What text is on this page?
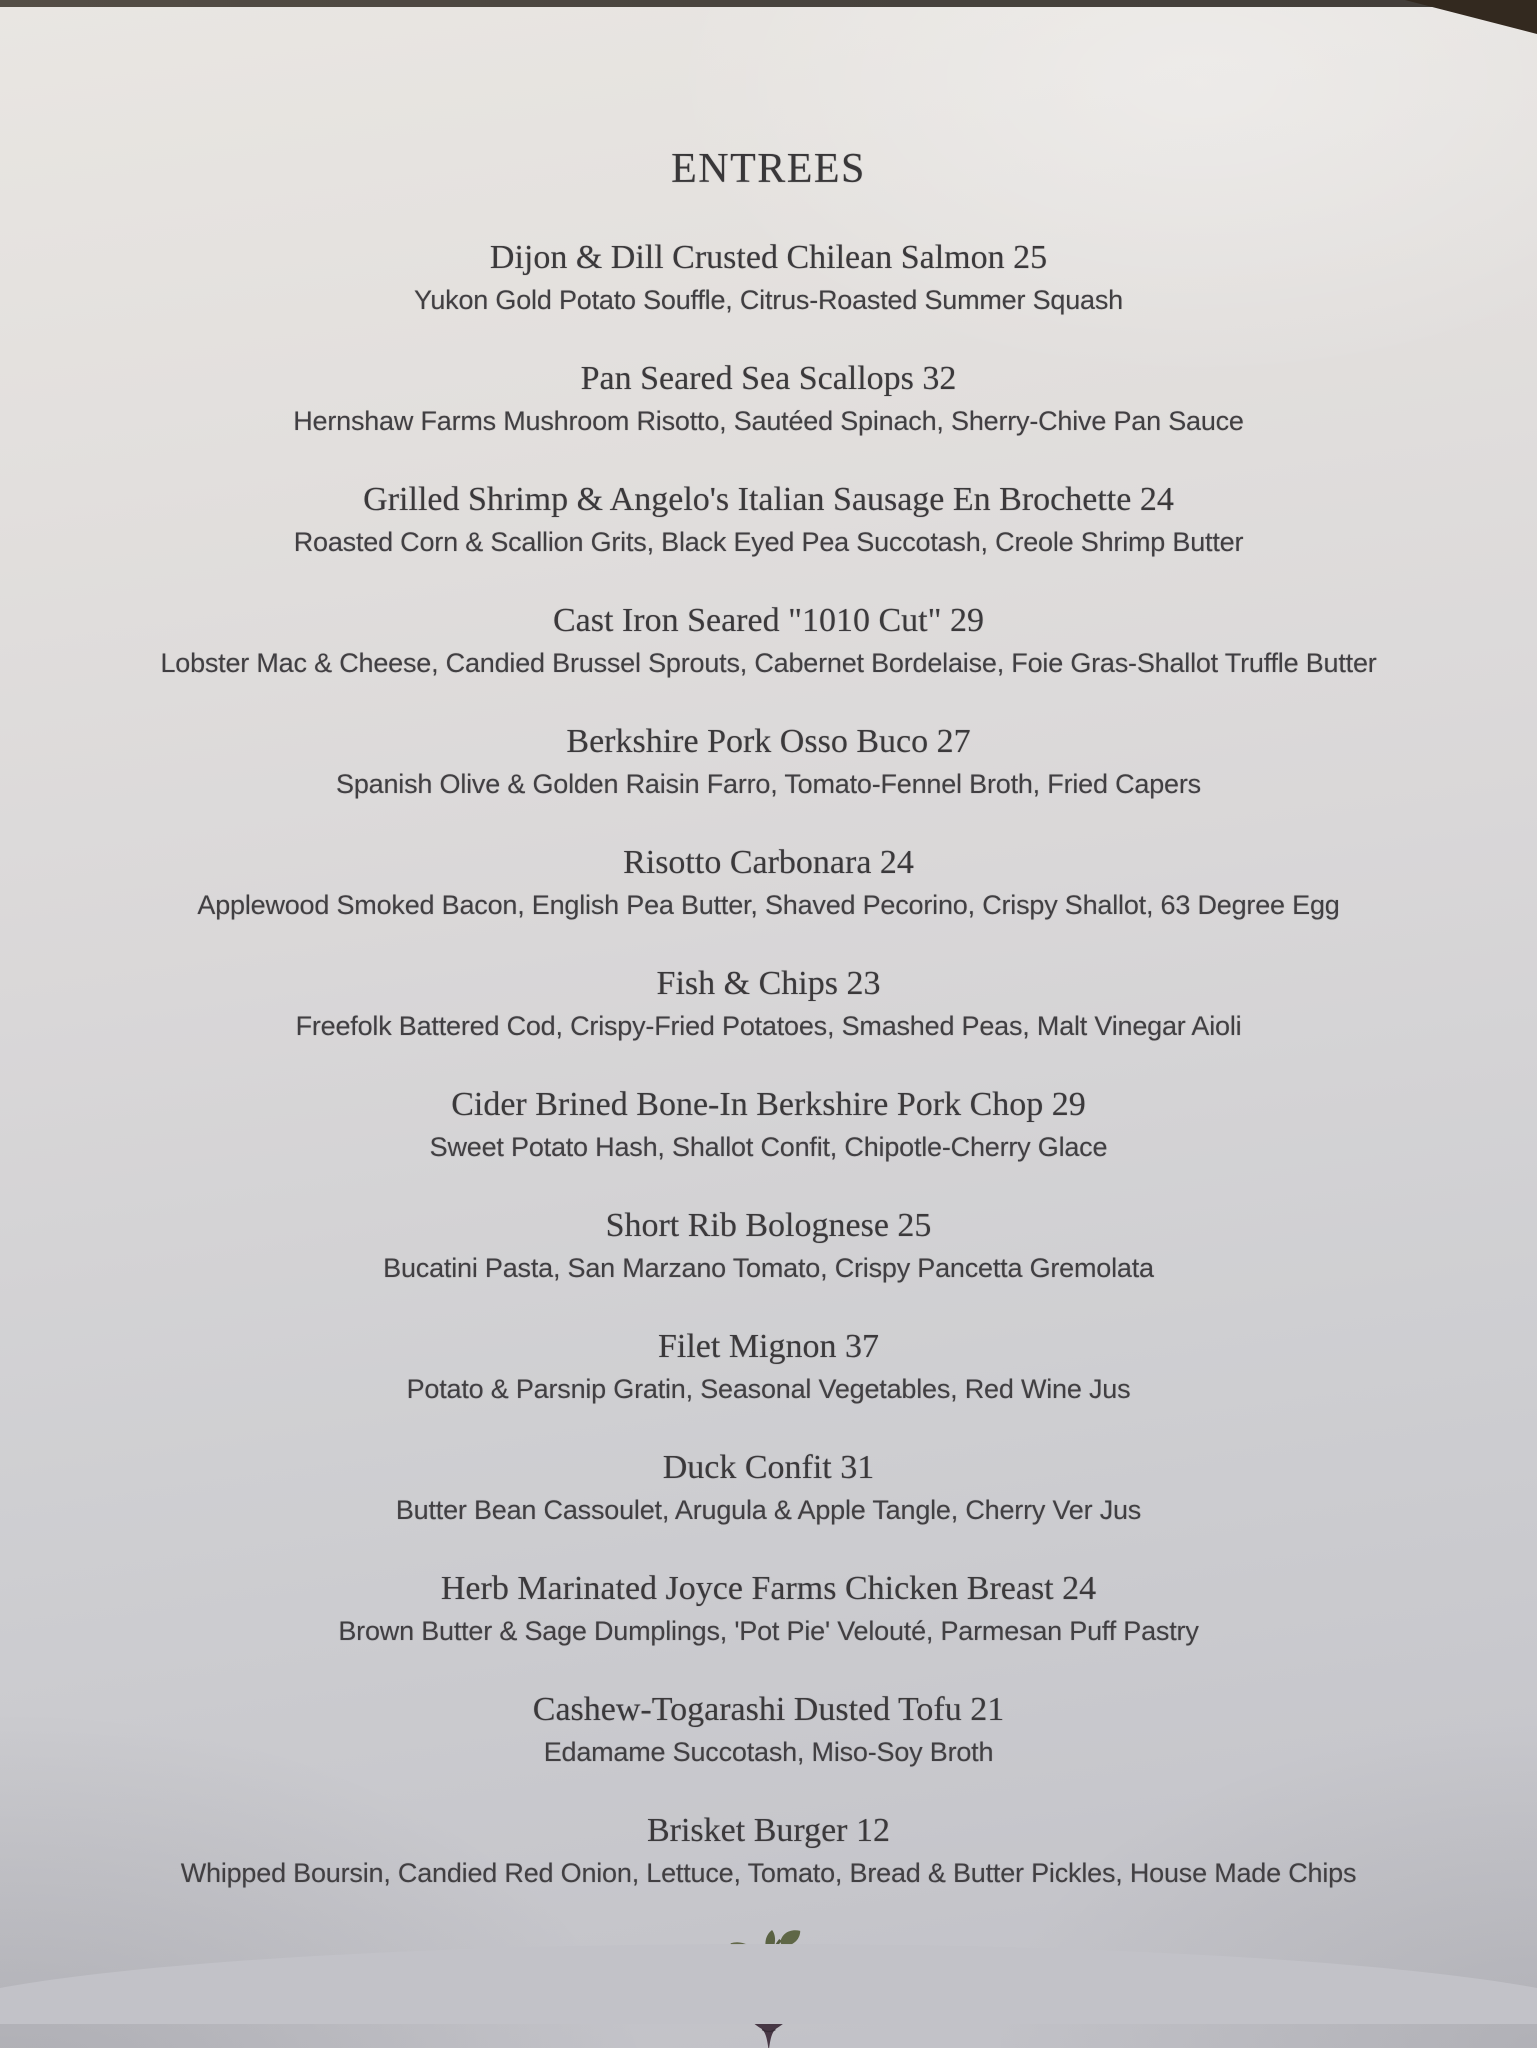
ENTREES
Dijon & Dill Crusted Chilean Salmon 25

Yukon Gold Potato Souffle, Citrus-Roasted Summer Squash

Pan Seared Sea Scallops 32

Hernshaw Farms Mushroom Risotto, Sautéed Spinach, Sherry-Chive Pan Sauce

Grilled Shrimp & Angelo's Italian Sausage En Brochette 24

Roasted Corn & Scallion Grits, Black Eyed Pea Succotash, Creole Shrimp Butter

Cast Iron Seared "1010 Cut" 29

Lobster Mac & Cheese, Candied Brussel Sprouts, Cabernet Bordelaise, Foie Gras-Shallot Truffle Butter

Berkshire Pork Osso Buco 27

Spanish Olive & Golden Raisin Farro, Tomato-Fennel Broth, Fried Capers

Risotto Carbonara 24

Applewood Smoked Bacon, English Pea Butter, Shaved Pecorino, Crispy Shallot, 63 Degree Egg

Fish & Chips 23

Freefolk Battered Cod, Crispy-Fried Potatoes, Smashed Peas, Malt Vinegar Aioli

Cider Brined Bone-In Berkshire Pork Chop 29

Sweet Potato Hash, Shallot Confit, Chipotle-Cherry Glace

Short Rib Bolognese 25

Bucatini Pasta, San Marzano Tomato, Crispy Pancetta Gremolata

Filet Mignon 37

Potato & Parsnip Gratin, Seasonal Vegetables, Red Wine Jus

Duck Confit 31

Butter Bean Cassoulet, Arugula & Apple Tangle, Cherry Ver Jus

Herb Marinated Joyce Farms Chicken Breast 24

Brown Butter & Sage Dumplings, 'Pot Pie' Velouté, Parmesan Puff Pastry

Cashew-Togarashi Dusted Tofu 21

Edamame Succotash, Miso-Soy Broth

Brisket Burger 12

Whipped Boursin, Candied Red Onion, Lettuce, Tomato, Bread & Butter Pickles, House Made Chips
